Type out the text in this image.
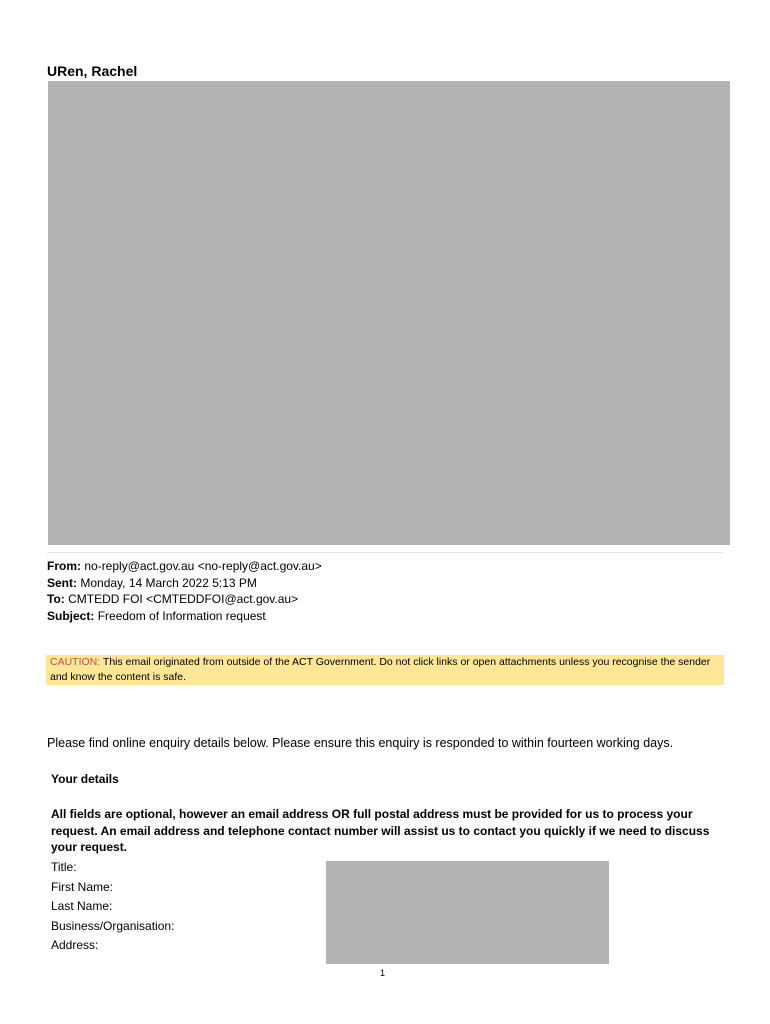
URen, Rachel
From: no-reply@act.gov.au <no-reply@act.gov.au>
Sent: Monday, 14 March 2022 5:13 PM
To: CMTEDD FOI <CMTEDDFOI@act.gov.au>
Subject: Freedom of Information request
CAUTION: This email originated from outside of the ACT Government. Do not click links or open attachments unless you recognise the sender and know the content is safe.
Please find online enquiry details below. Please ensure this enquiry is responded to within fourteen working days.
Your details
All fields are optional, however an email address OR full postal address must be provided for us to process your request. An email address and telephone contact number will assist us to contact you quickly if we need to discuss your request.
Title:
First Name:
Last Name:
Business/Organisation:
Address:
1
